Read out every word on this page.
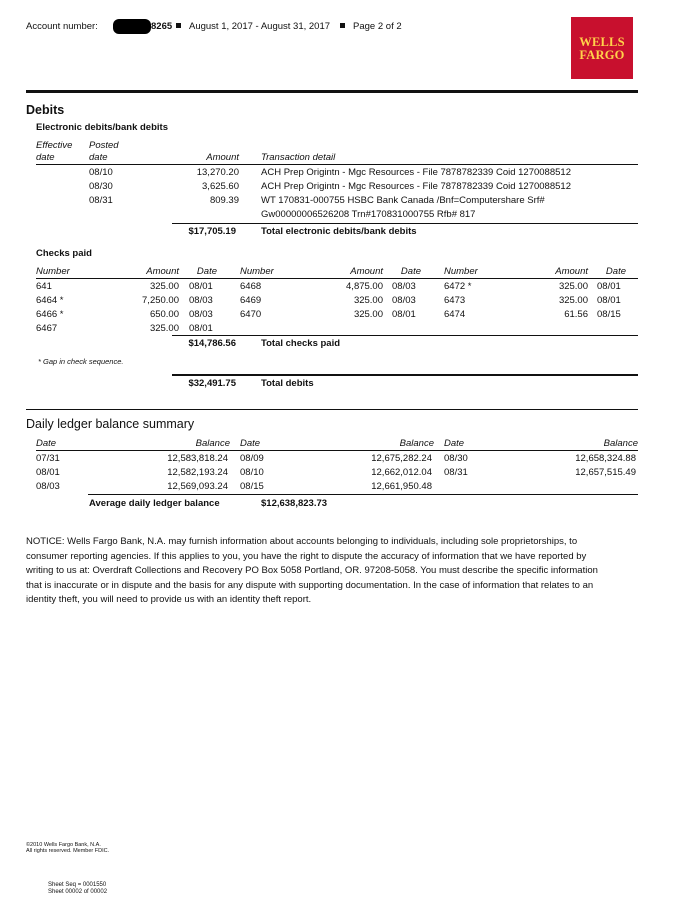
Account number:	8265	August 1, 2017 - August 31, 2017 Page 2 of 2
WELLS
FARGO
Debits
Electronic debits/bank debits
Effective
date
Posted
date	Amount Transaction detail
08/10	13,270.20 ACH Prep Origintn - Mgc Resources - File 7878782339 Coid 1270088512
08/30	3,625.60 ACH Prep Origintn - Mgc Resources - File 7878782339 Coid 1270088512
08/31	809.39 WT 170831-000755 HSBC Bank Canada /Bnf=Computershare Srf#
Gw00000006526208 Trn#170831000755 Rfb# 817
$17,705.19	Total electronic debits/bank debits
Checks paid
Number	Amount	Date Number	Amount	Date Number	Amount	Date
641	325.00 08/01
6464 *	7,250.00 08/03
6466 *	650.00 08/03
6467	325.00 08/01
6468	4,875.00 08/03
6469	325.00 08/03
6470	325.00 08/01
6472 *	325.00 08/01
6473	325.00 08/01
6474	61.56 08/15
$14,786.56	Total checks paid
* Gap in check sequence.
$32,491.75	Total debits
Daily ledger balance summary
Date	Balance Date	Balance Date	Balance
07/31	12,583,818.24
08/01	12,582,193.24
08/03	12,569,093.24
08/09	12,675,282.24
08/10	12,662,012.04
08/15	12,661,950.48
08/30	12,658,324.88
08/31	12,657,515.49
Average daily ledger balance	$12,638,823.73
NOTICE: Wells Fargo Bank, N.A. may furnish information about accounts belonging to individuals, including sole proprietorships, to consumer reporting agencies. If this applies to you, you have the right to dispute the accuracy of information that we have reported by writing to us at: Overdraft Collections and Recovery PO Box 5058 Portland, OR. 97208-5058. You must describe the specific information that is inaccurate or in dispute and the basis for any dispute with supporting documentation. In the case of information that relates to an identity theft, you will need to provide us with an identity theft report.
©2010 Wells Fargo Bank, N.A.
All rights reserved. Member FDIC.
Sheet Seq = 0001550
Sheet 00002 of 00002
